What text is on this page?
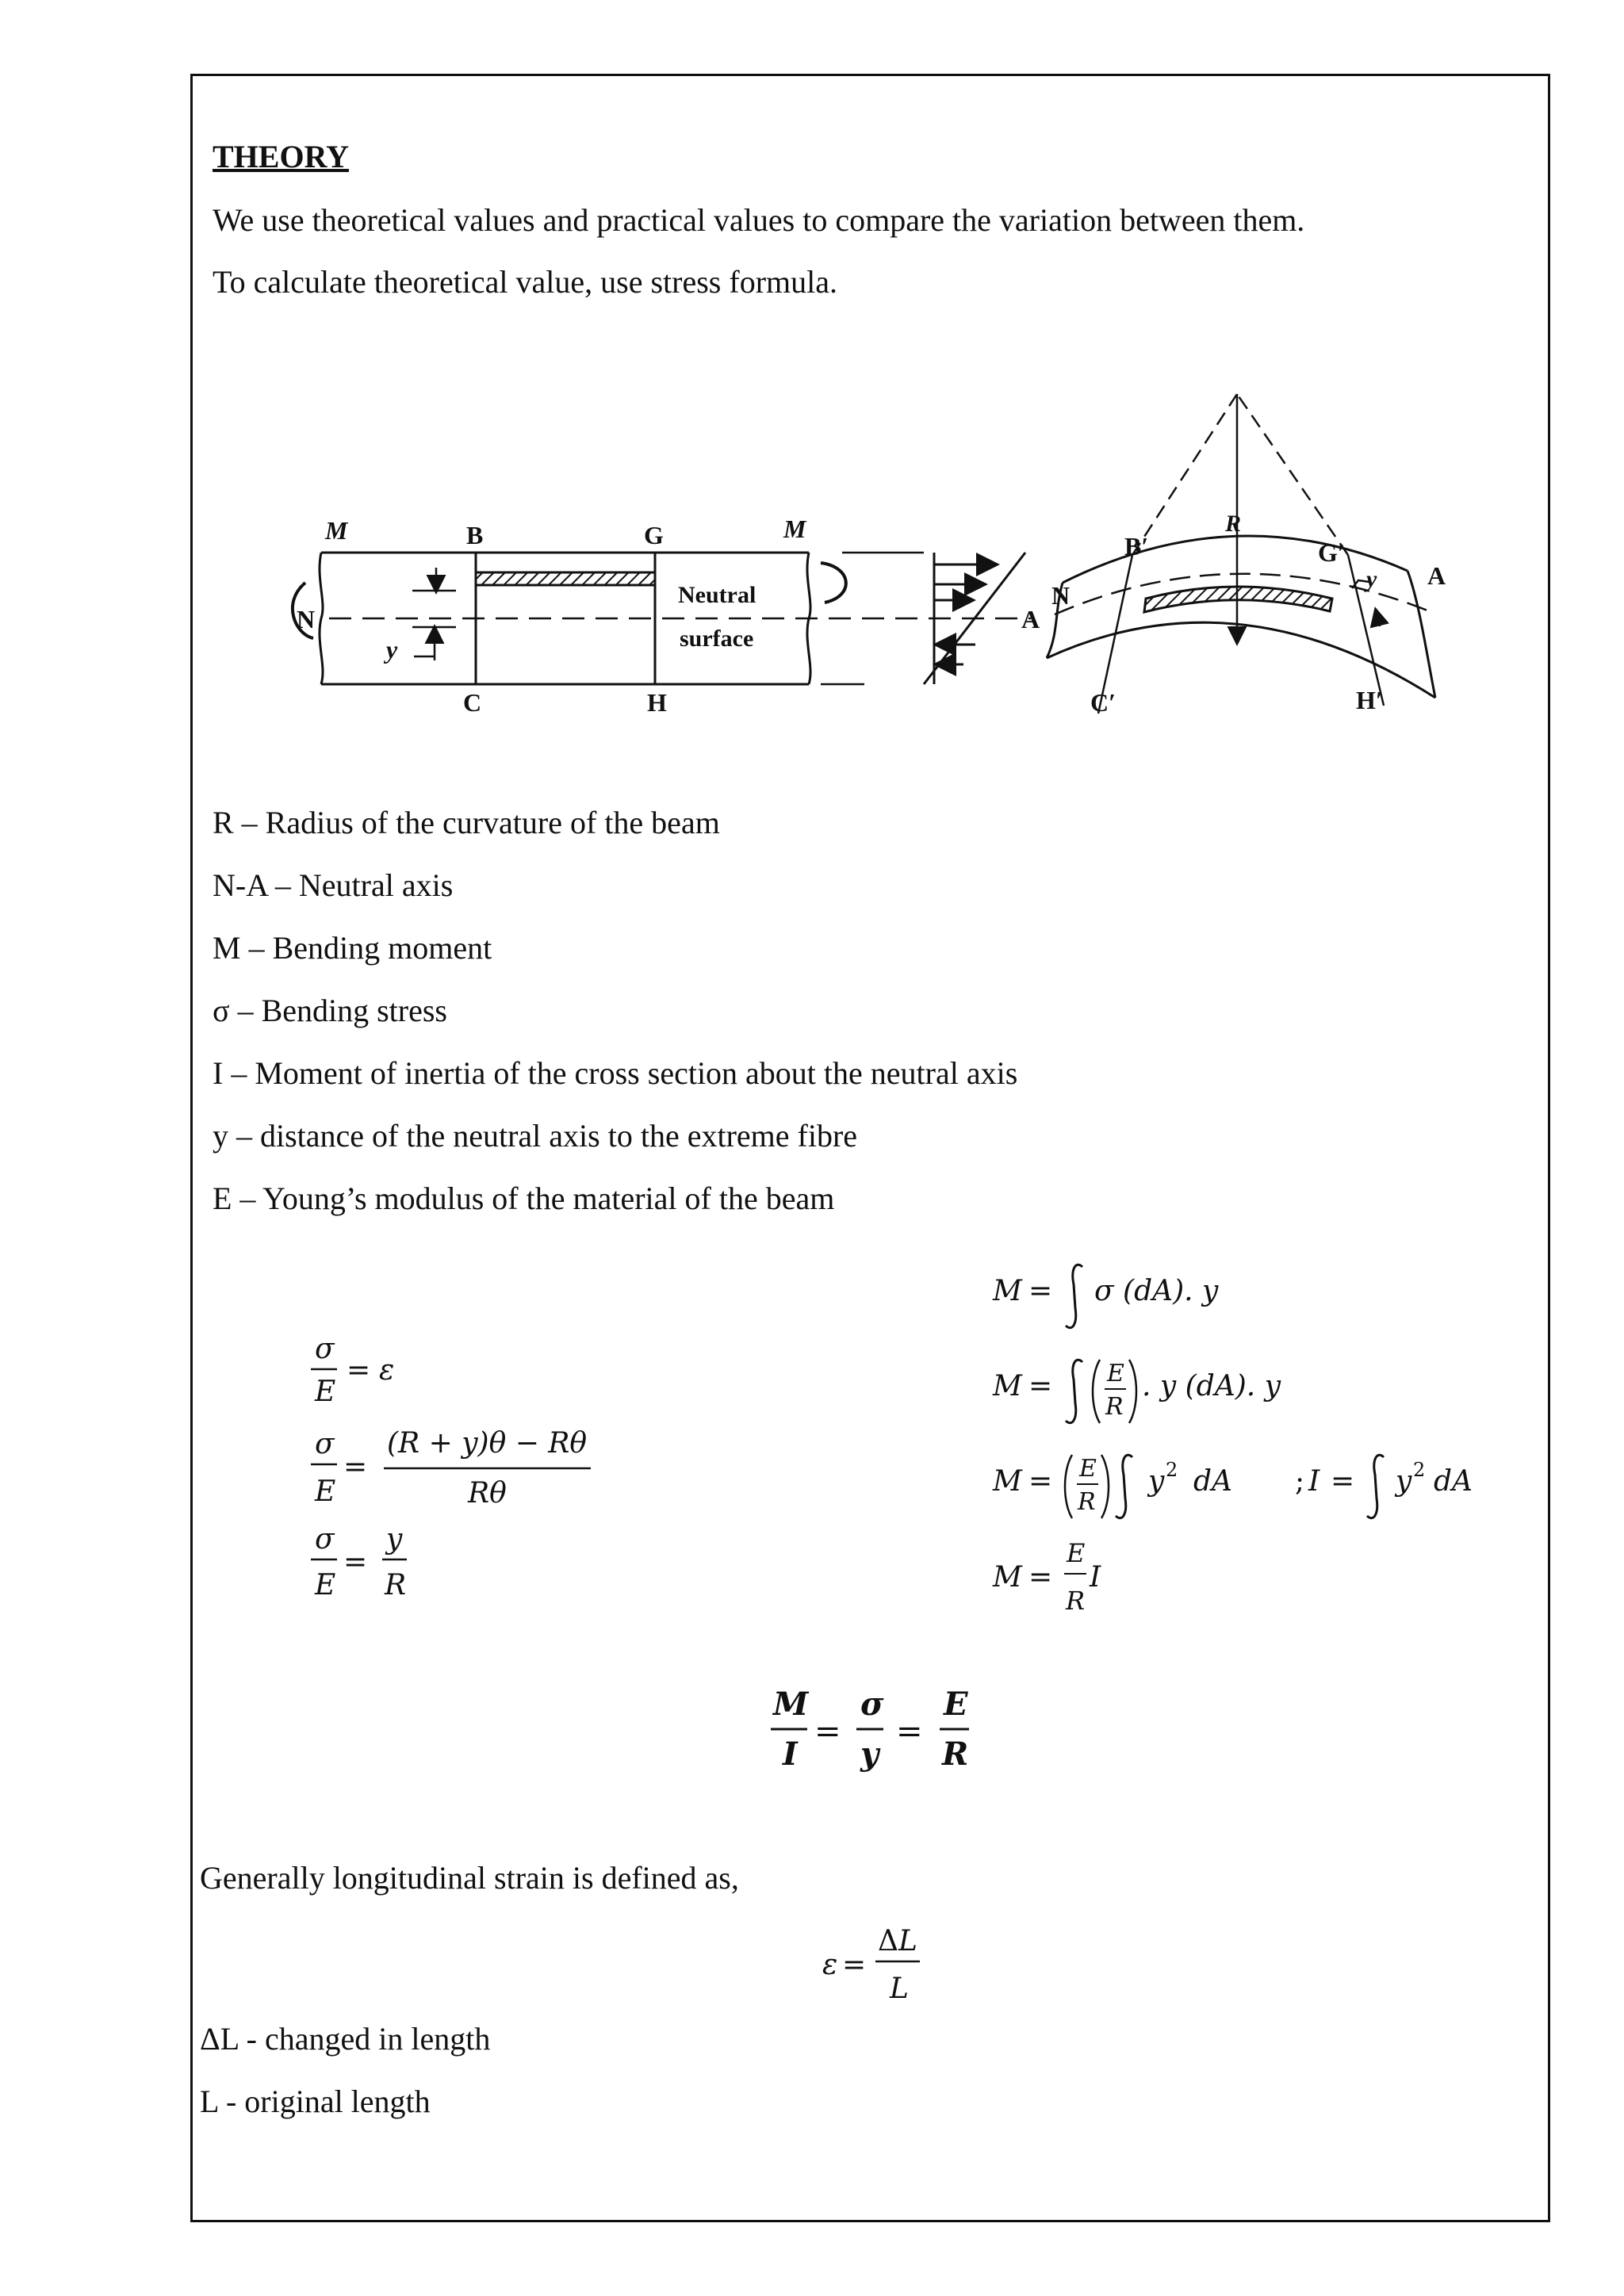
THEORY
We use theoretical values and practical values to compare the variation between them.
To calculate theoretical value, use stress formula.
M	B	G	M
N
y
Neutral
surface
C	H
A
R
B′	G′
N
A
y
C′	H′
R – Radius of the curvature of the beam
N-A – Neutral axis
M – Bending moment
σ – Bending stress
I – Moment of inertia of the cross section about the neutral axis
y – distance of the neutral axis to the extreme fibre
E – Young’s modulus of the material of the beam
σ
E
= ε
σ
E
=
(R + y)θ − Rθ
Rθ
σ
E
=
y
R
M = σ (dA). y
M = E
R
. y (dA). y
M = E
R
y 2 dA ; I = y 2 dA
M =
E
R
I
M
I
=
σ
y
=
E
R
ε =
Δ L
L
Generally longitudinal strain is defined as,
ΔL - changed in length
L - original length
